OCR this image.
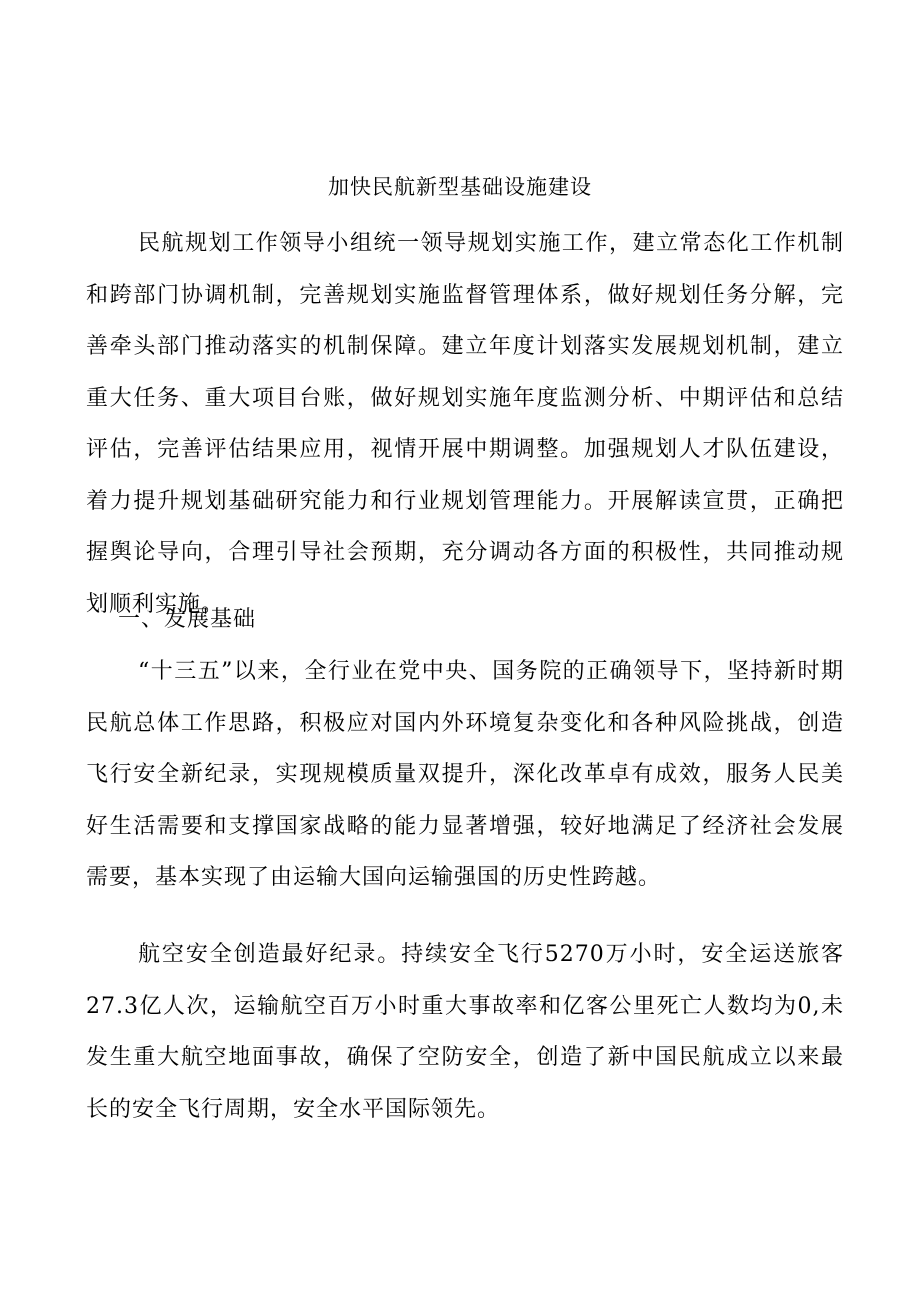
加快民航新型基础设施建设

民航规划工作领导小组统一领导规划实施工作，建立常态化工作机制和跨部门协调机制，完善规划实施监督管理体系，做好规划任务分解，完善牵头部门推动落实的机制保障。建立年度计划落实发展规划机制，建立重大任务、重大项目台账，做好规划实施年度监测分析、中期评估和总结评估，完善评估结果应用，视情开展中期调整。加强规划人才队伍建设，着力提升规划基础研究能力和行业规划管理能力。开展解读宣贯，正确把握舆论导向，合理引导社会预期，充分调动各方面的积极性，共同推动规划顺利实施。

一、发展基础

“十三五”以来，全行业在党中央、国务院的正确领导下，坚持新时期民航总体工作思路，积极应对国内外环境复杂变化和各种风险挑战，创造飞行安全新纪录，实现规模质量双提升，深化改革卓有成效，服务人民美好生活需要和支撑国家战略的能力显著增强，较好地满足了经济社会发展需要，基本实现了由运输大国向运输强国的历史性跨越。

航空安全创造最好纪录。持续安全飞行5270万小时，安全运送旅客27.3亿人次，运输航空百万小时重大事故率和亿客公里死亡人数均为0,未发生重大航空地面事故，确保了空防安全，创造了新中国民航成立以来最长的安全飞行周期，安全水平国际领先。
